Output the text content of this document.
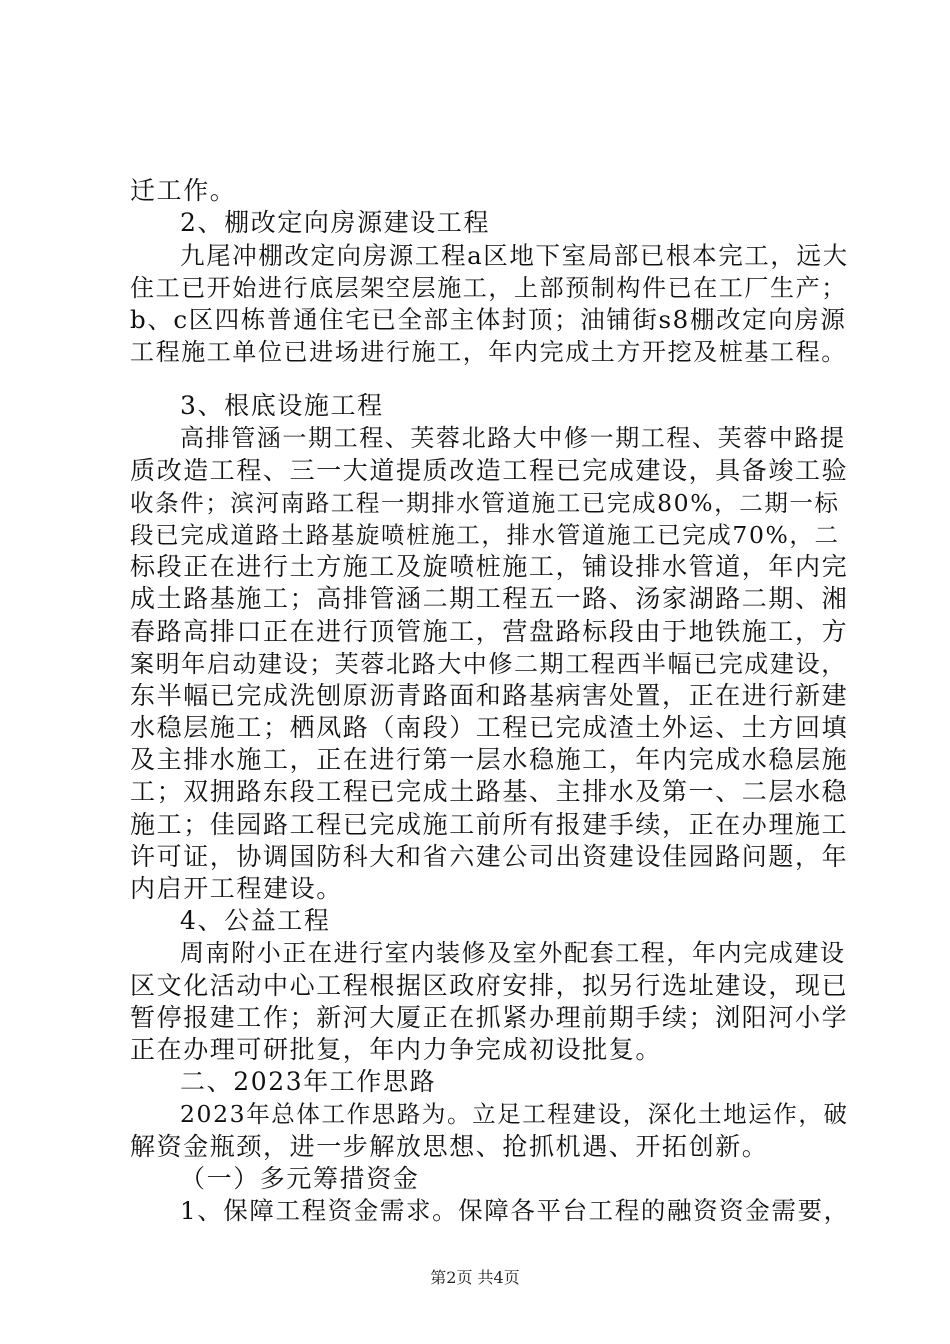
迁工作。
2、棚改定向房源建设工程
九尾冲棚改定向房源工程a区地下室局部已根本完工，远大
住工已开始进行底层架空层施工，上部预制构件已在工厂生产；
b、c区四栋普通住宅已全部主体封顶；油铺街s8棚改定向房源
工程施工单位已进场进行施工，年内完成土方开挖及桩基工程。
3、根底设施工程
高排管涵一期工程、芙蓉北路大中修一期工程、芙蓉中路提
质改造工程、三一大道提质改造工程已完成建设，具备竣工验
收条件；滨河南路工程一期排水管道施工已完成80%，二期一标
段已完成道路土路基旋喷桩施工，排水管道施工已完成70%，二
标段正在进行土方施工及旋喷桩施工，铺设排水管道，年内完
成土路基施工；高排管涵二期工程五一路、汤家湖路二期、湘
春路高排口正在进行顶管施工，营盘路标段由于地铁施工，方
案明年启动建设；芙蓉北路大中修二期工程西半幅已完成建设，
东半幅已完成洗刨原沥青路面和路基病害处置，正在进行新建
水稳层施工；栖凤路（南段）工程已完成渣土外运、土方回填
及主排水施工，正在进行第一层水稳施工，年内完成水稳层施
工；双拥路东段工程已完成土路基、主排水及第一、二层水稳
施工；佳园路工程已完成施工前所有报建手续，正在办理施工
许可证，协调国防科大和省六建公司出资建设佳园路问题，年
内启开工程建设。
4、公益工程
周南附小正在进行室内装修及室外配套工程，年内完成建设
区文化活动中心工程根据区政府安排，拟另行选址建设，现已
暂停报建工作；新河大厦正在抓紧办理前期手续；浏阳河小学
正在办理可研批复，年内力争完成初设批复。
二、2023年工作思路
2023年总体工作思路为。立足工程建设，深化土地运作，破
解资金瓶颈，进一步解放思想、抢抓机遇、开拓创新。
（一）多元筹措资金
1、保障工程资金需求。保障各平台工程的融资资金需要，
第2页 共4页
